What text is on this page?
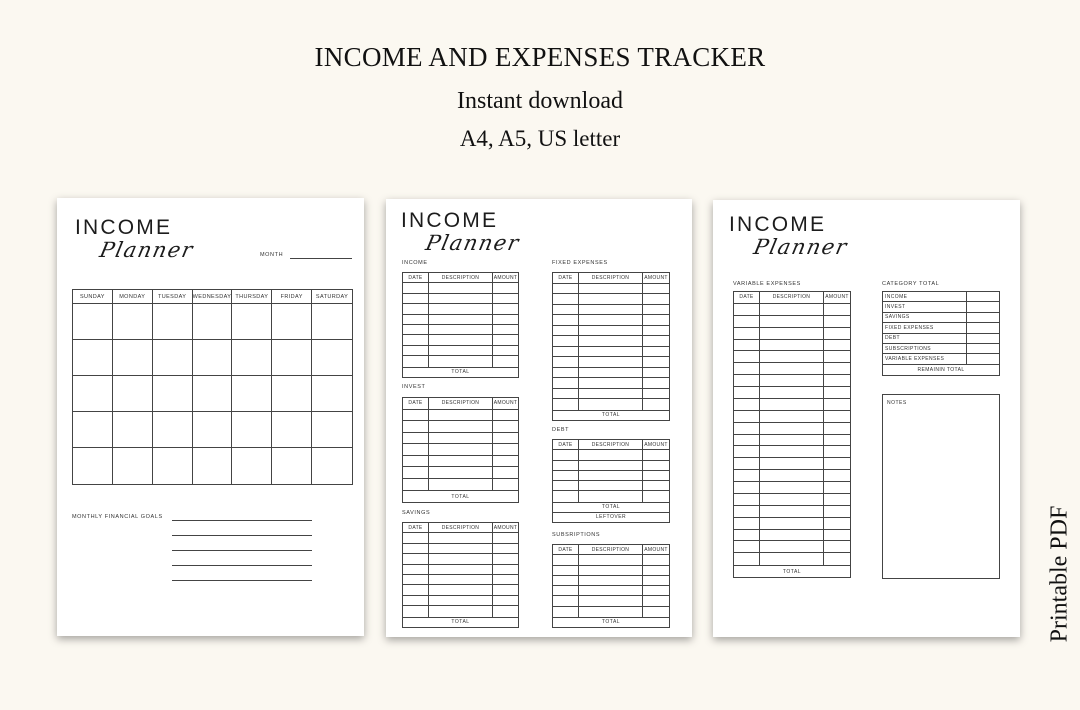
INCOME AND EXPENSES TRACKER
Instant download
A4, A5, US letter
Printable PDF
INCOME
Planner	MONTH
SUNDAY	MONDAY	TUESDAY	WEDNESDAY THURSDAY	FRIDAY	SATURDAY
MONTHLY FINANCIAL GOALS
INCOME
Planner
INCOME
DATE	DESCRIPTION	AMOUNT
TOTAL
INVEST
DATE	DESCRIPTION	AMOUNT
TOTAL
SAVINGS
DATE	DESCRIPTION	AMOUNT
TOTAL
FIXED EXPENSES
DATE	DESCRIPTION	AMOUNT
TOTAL
DEBT
DATE	DESCRIPTION	AMOUNT
TOTAL
LEFTOVER
SUBSRIPTIONS
DATE	DESCRIPTION	AMOUNT
TOTAL
INCOME
Planner
VARIABLE EXPENSES
DATE	DESCRIPTION	AMOUNT
TOTAL
CATEGORY TOTAL
INCOME
INVEST
SAVINGS
FIXED EXPENSES
DEBT
SUBSCRIPTIONS
VARIABLE EXPENSES
REMAININ TOTAL
NOTES
